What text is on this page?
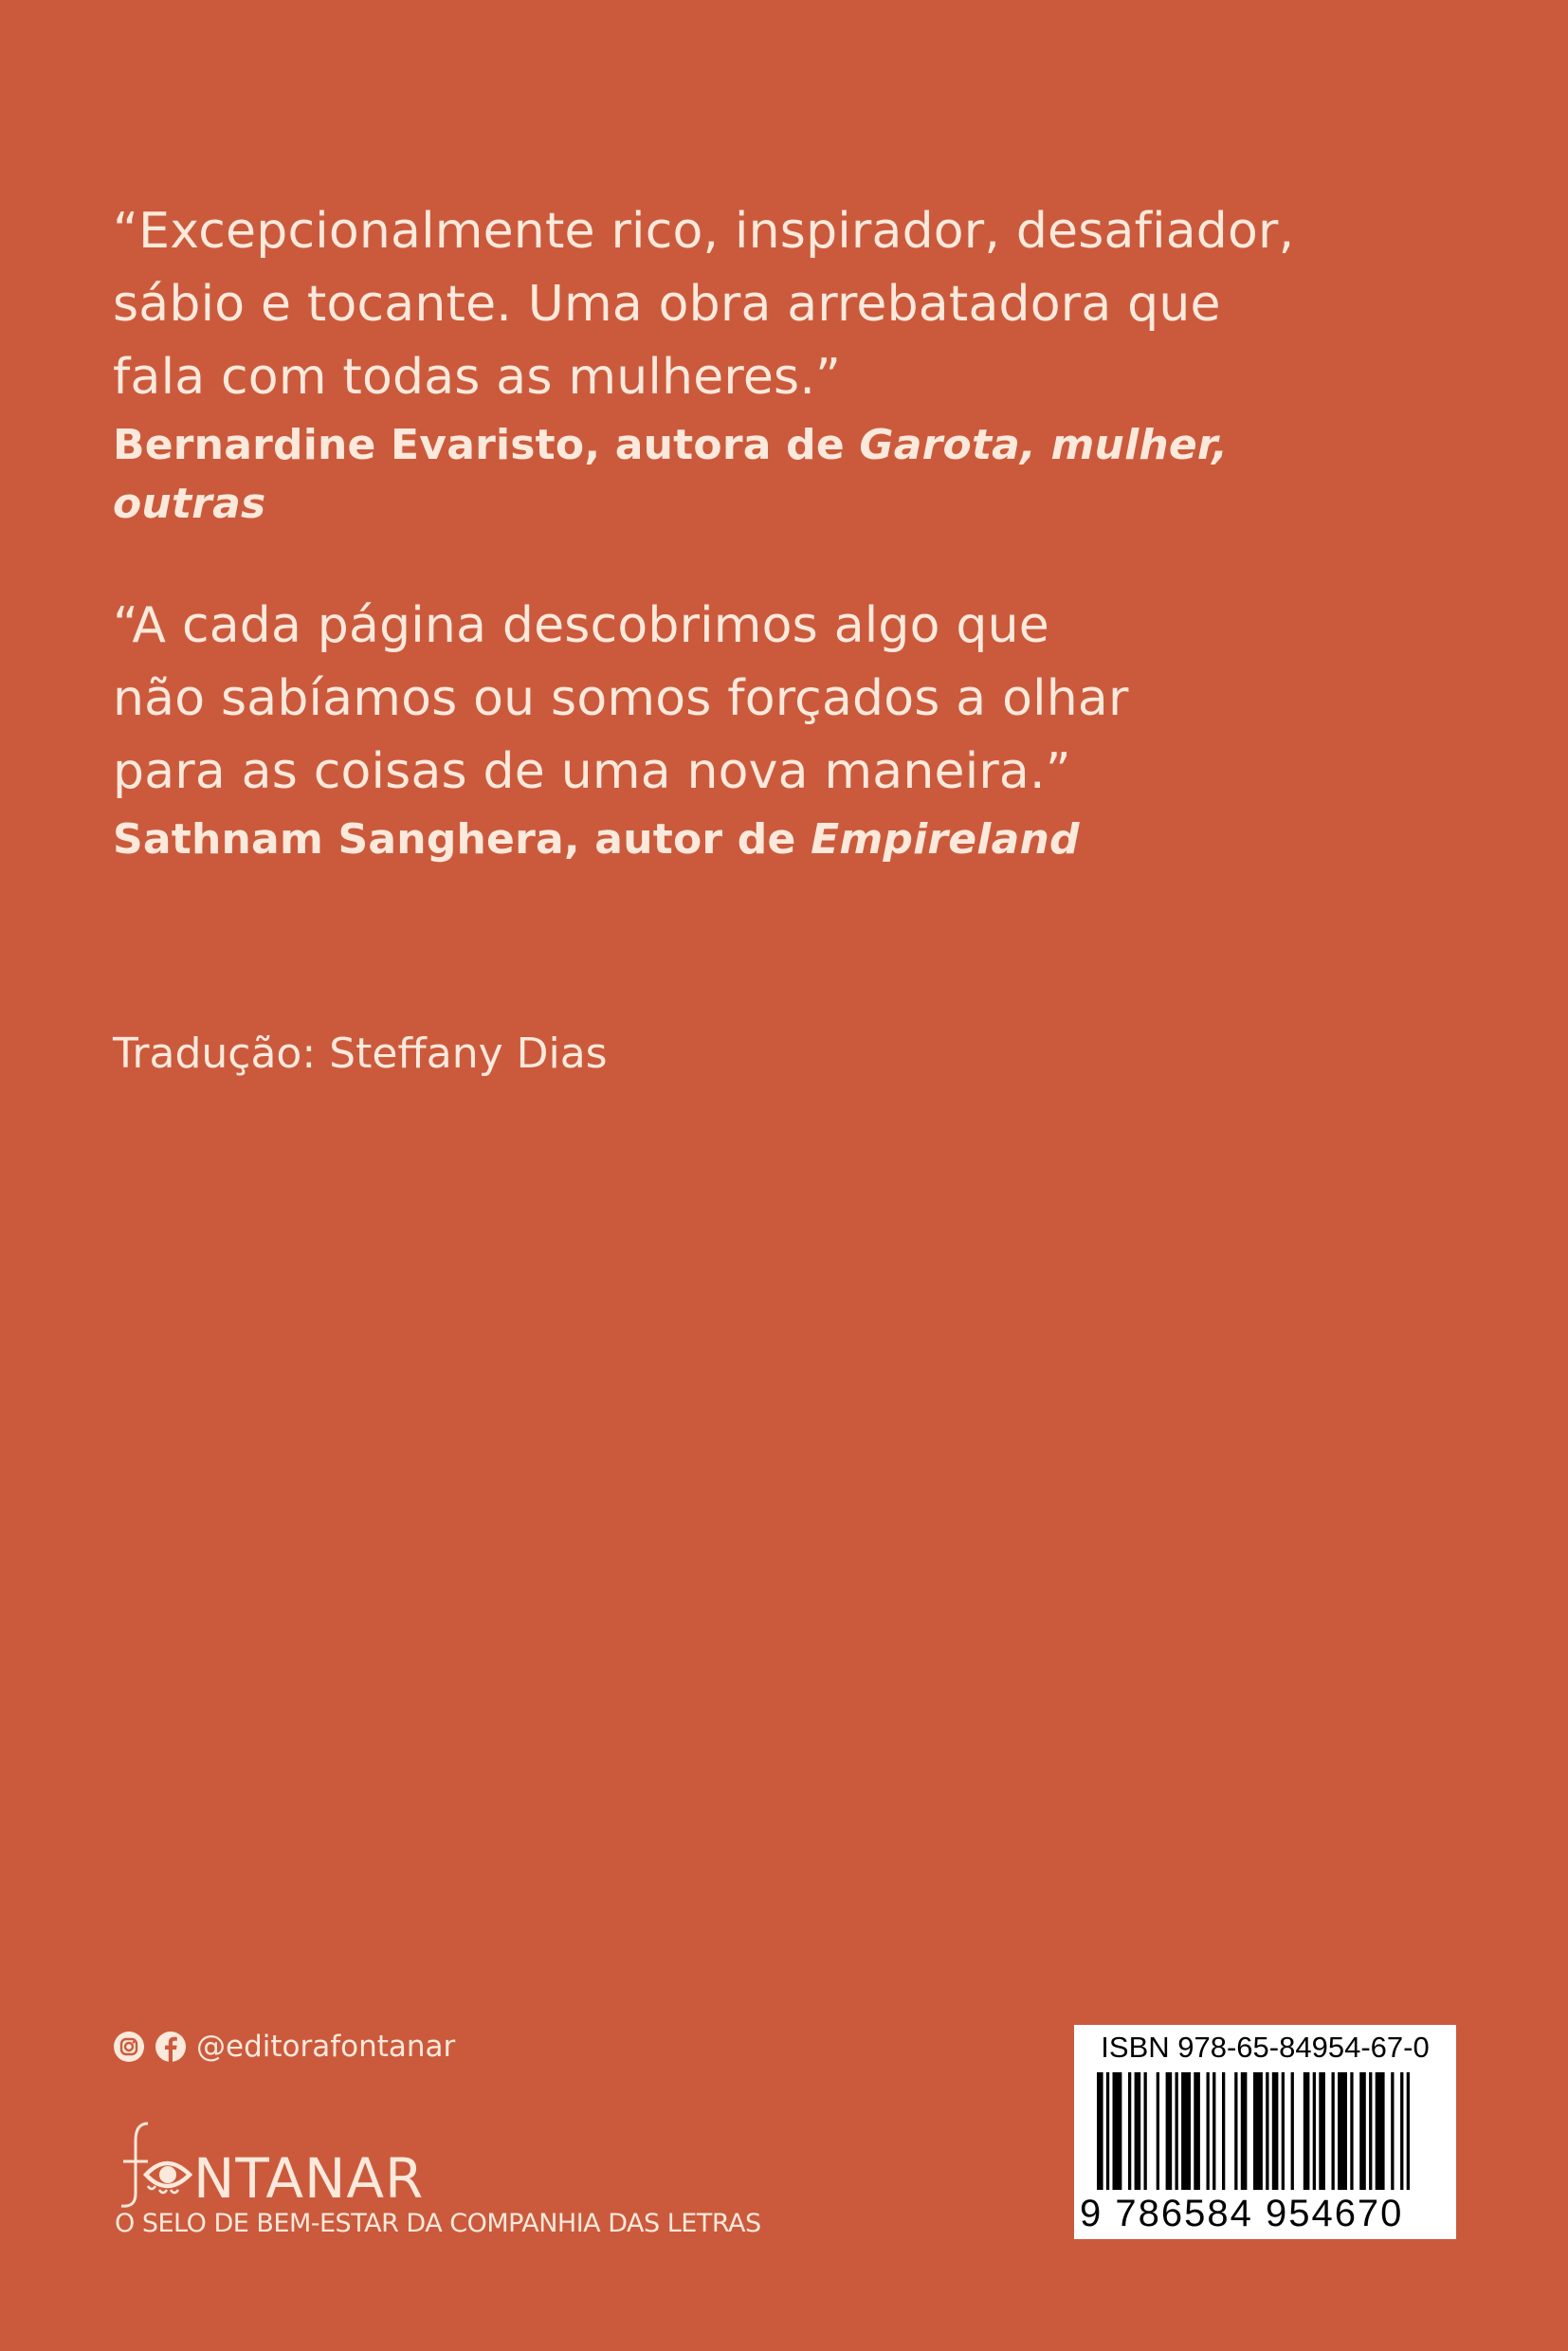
“Excepcionalmente rico, inspirador, desafiador,

sábio e tocante. Uma obra arrebatadora que

fala com todas as mulheres.”

Bernardine Evaristo, autora de Garota, mulher, outras

“A cada página descobrimos algo que

não sabíamos ou somos forçados a olhar

para as coisas de uma nova maneira.”

Sathnam Sanghera, autor de Empireland

Tradução: Steffany Dias
@editorafontanar
NTANAR
O SELO DE BEM-ESTAR DA COMPANHIA DAS LETRAS
ISBN 978-65-84954-67-0
9 786584 954670
